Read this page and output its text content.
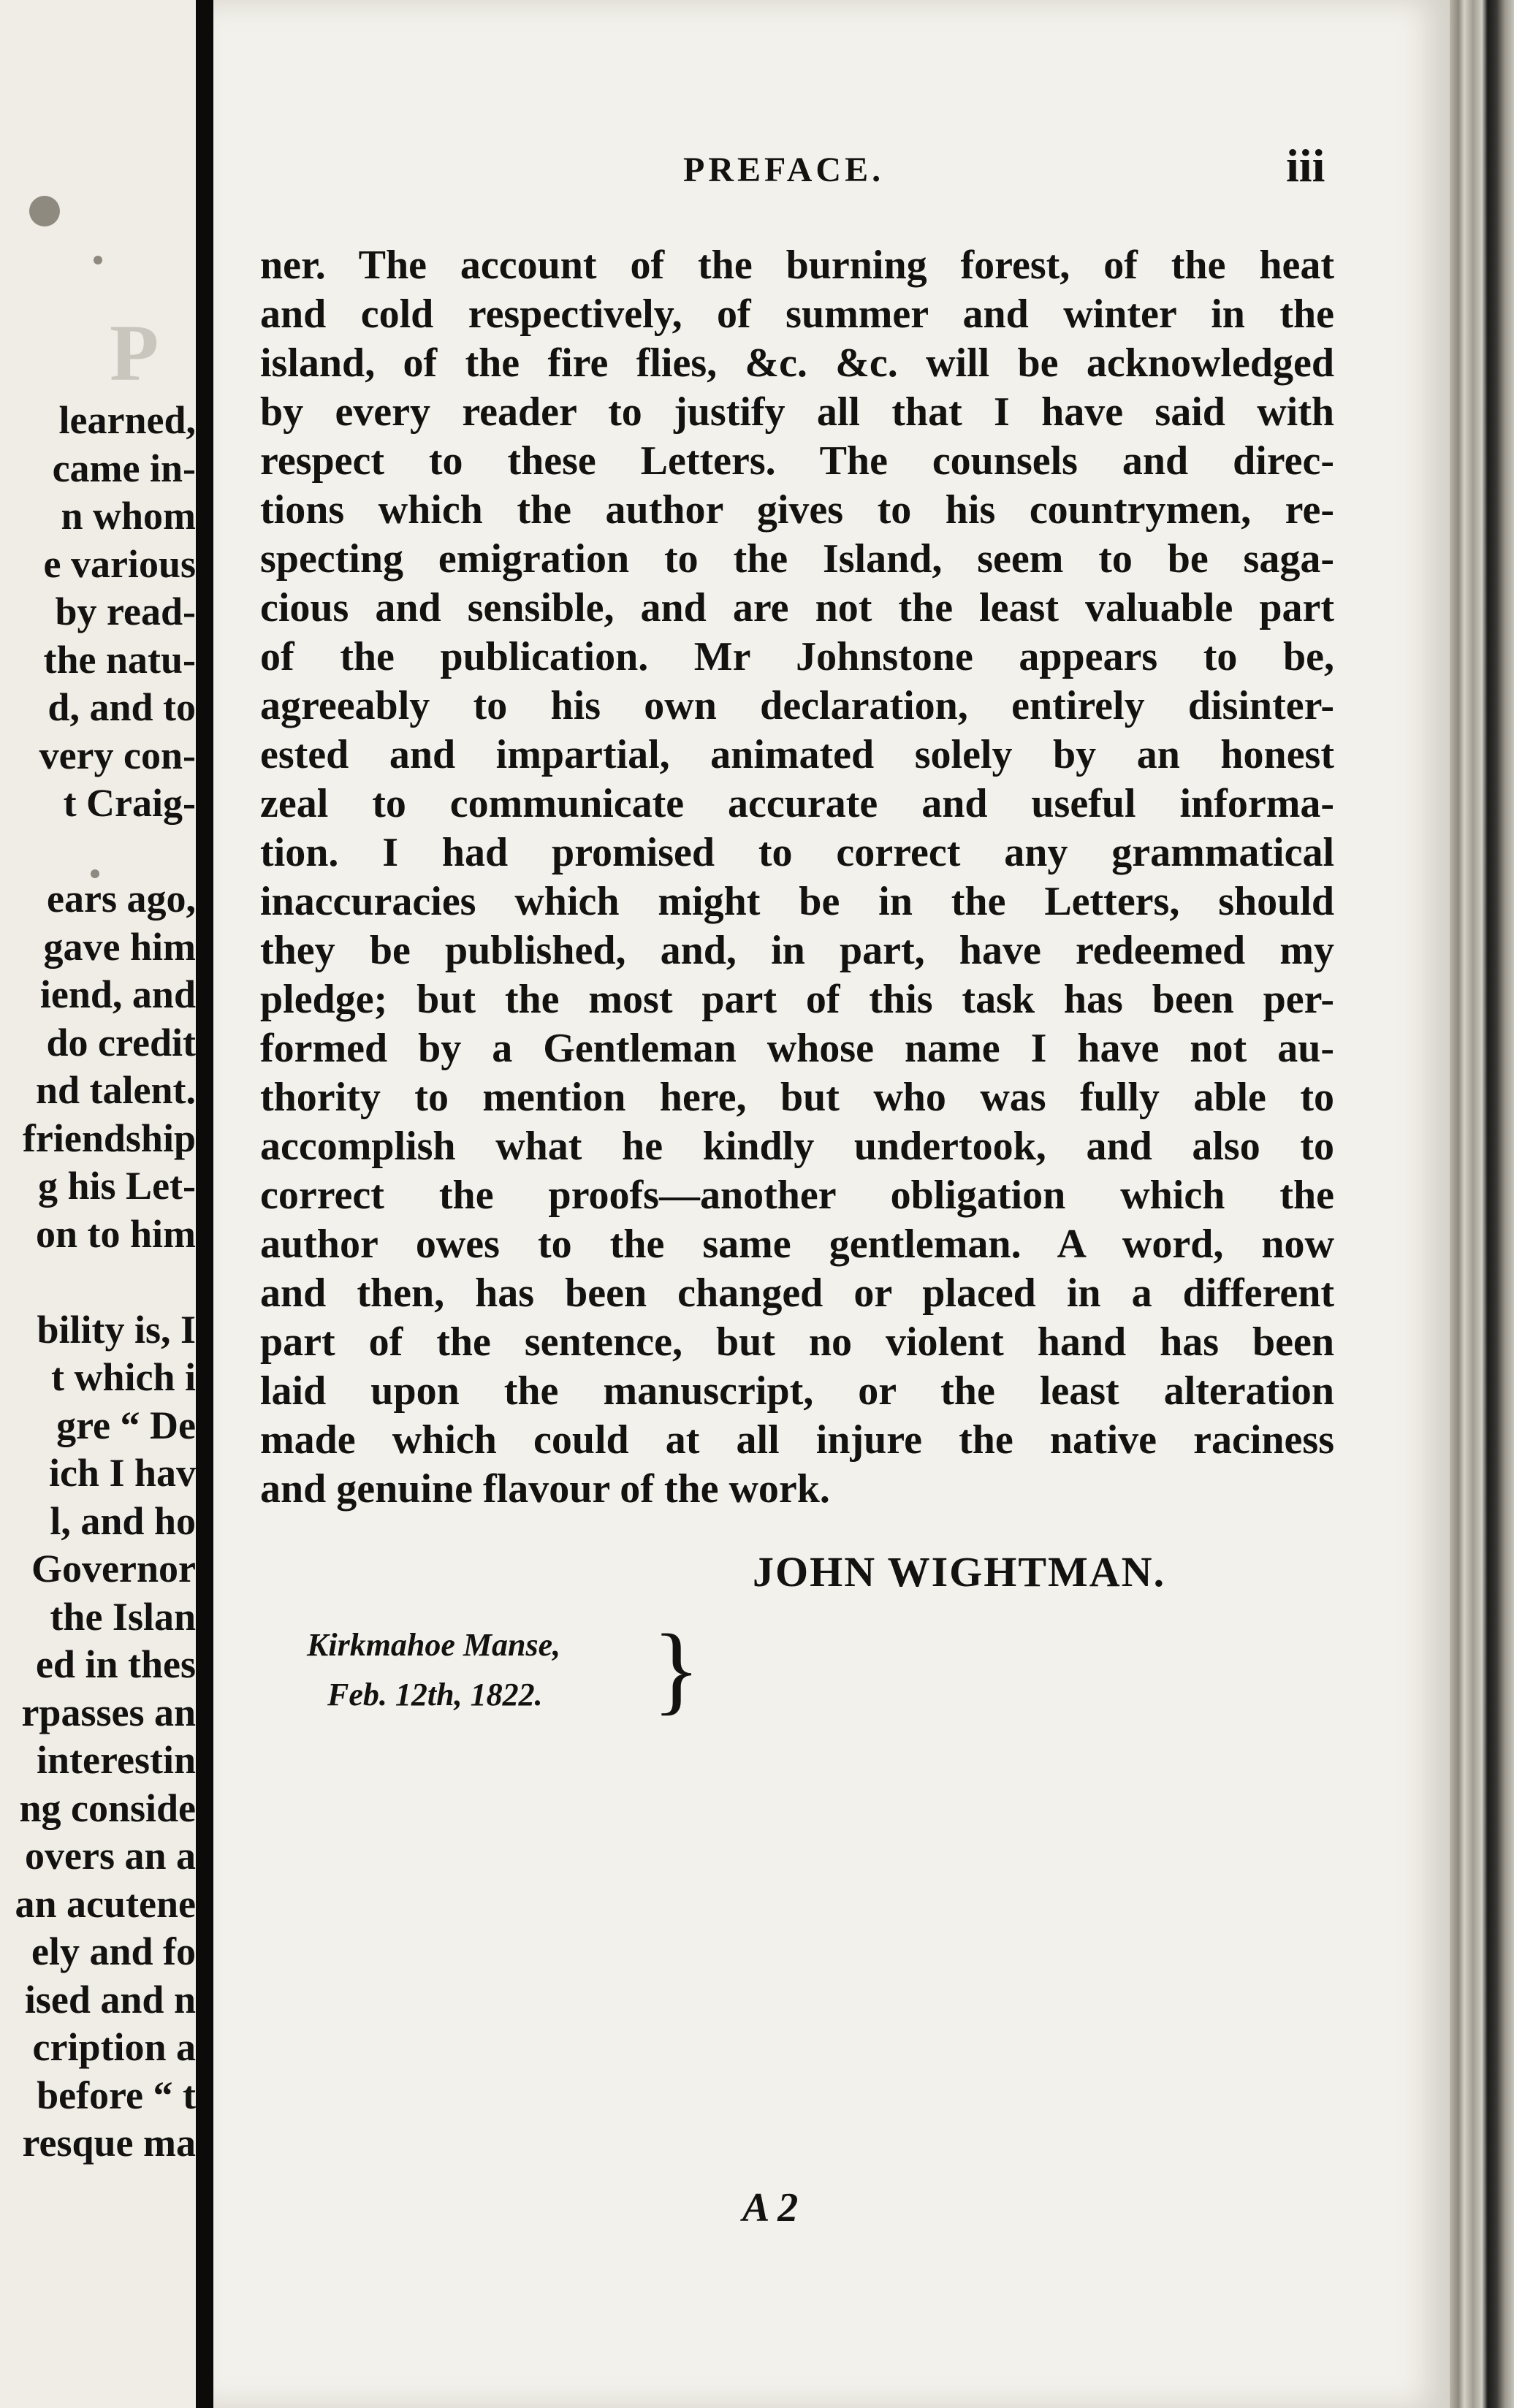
P
learned,
came in-
n whom
e various
by read-
the natu-
d, and to
very con-
t Craig-
ears ago,
gave him
iend, and
do credit
nd talent.
friendship
g his Let-
on to him
bility is, I
t which i
gre “ De
ich I hav
l, and ho
Governor
the Islan
ed in thes
rpasses an
interestin
ng conside
overs an a
an acutene
ely and fo
ised and n
cription a
before “ t
resque ma
PREFACE.	iii
ner. The account of the burning forest, of the heat
and cold respectively, of summer and winter in the
island, of the fire flies, &c. &c. will be acknowledged
by every reader to justify all that I have said with
respect to these Letters. The counsels and direc-
tions which the author gives to his countrymen, re-
specting emigration to the Island, seem to be saga-
cious and sensible, and are not the least valuable part
of the publication. Mr Johnstone appears to be,
agreeably to his own declaration, entirely disinter-
ested and impartial, animated solely by an honest
zeal to communicate accurate and useful informa-
tion. I had promised to correct any grammatical
inaccuracies which might be in the Letters, should
they be published, and, in part, have redeemed my
pledge; but the most part of this task has been per-
formed by a Gentleman whose name I have not au-
thority to mention here, but who was fully able to
accomplish what he kindly undertook, and also to
correct the proofs—another obligation which the
author owes to the same gentleman. A word, now
and then, has been changed or placed in a different
part of the sentence, but no violent hand has been
laid upon the manuscript, or the least alteration
made which could at all injure the native raciness
and genuine flavour of the work.
JOHN WIGHTMAN.
Kirkmahoe Manse,
Feb. 12th, 1822. }
A 2
